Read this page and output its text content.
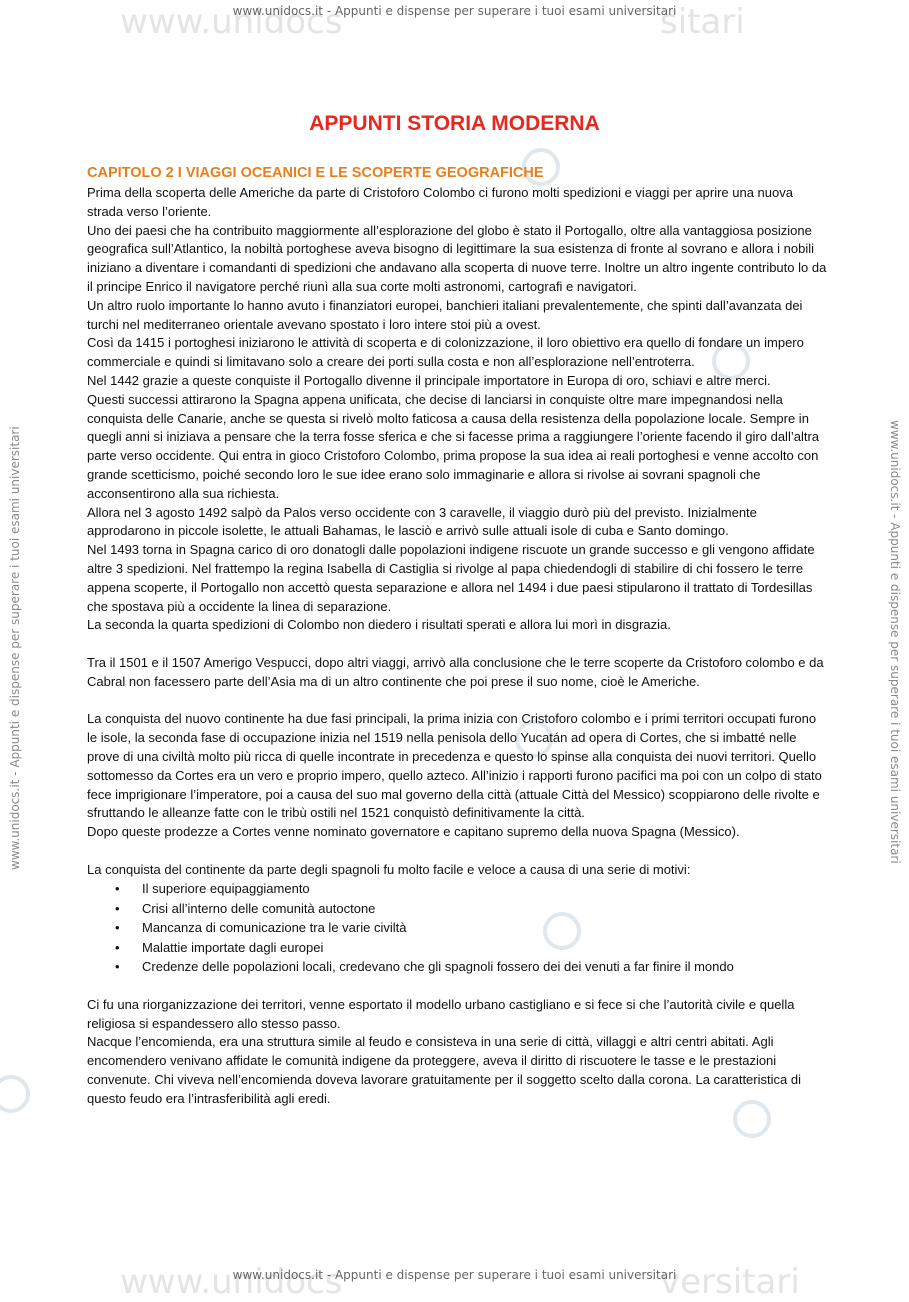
www.unidocs	sitari
www.unidocs	versitari
www.unidocs.it - Appunti e dispense per superare i tuoi esami universitari
www.unidocs.it - Appunti e dispense per superare i tuoi esami universitari
www.unidocs.it - Appunti e dispense per superare i tuoi esami universitari	www.unidocs.it - Appunti e dispense per superare i tuoi esami universitari
APPUNTI STORIA MODERNA
CAPITOLO 2 I VIAGGI OCEANICI E LE SCOPERTE GEOGRAFICHE

Prima della scoperta delle Americhe da parte di Cristoforo Colombo ci furono molti spedizioni e viaggi per aprire una nuova strada verso l’oriente.

Uno dei paesi che ha contribuito maggiormente all’esplorazione del globo è stato il Portogallo, oltre alla vantaggiosa posizione geografica sull’Atlantico, la nobiltà portoghese aveva bisogno di legittimare la sua esistenza di fronte al sovrano e allora i nobili iniziano a diventare i comandanti di spedizioni che andavano alla scoperta di nuove terre. Inoltre un altro ingente contributo lo da il principe Enrico il navigatore perché riunì alla sua corte molti astronomi, cartografi e navigatori.

Un altro ruolo importante lo hanno avuto i finanziatori europei, banchieri italiani prevalentemente, che spinti dall’avanzata dei turchi nel mediterraneo orientale avevano spostato i loro intere stoi più a ovest.

Così da 1415 i portoghesi iniziarono le attività di scoperta e di colonizzazione, il loro obiettivo era quello di fondare un impero commerciale e quindi si limitavano solo a creare dei porti sulla costa e non all’esplorazione nell’entroterra.

Nel 1442 grazie a queste conquiste il Portogallo divenne il principale importatore in Europa di oro, schiavi e altre merci.

Questi successi attirarono la Spagna appena unificata, che decise di lanciarsi in conquiste oltre mare impegnandosi nella conquista delle Canarie, anche se questa si rivelò molto faticosa a causa della resistenza della popolazione locale. Sempre in quegli anni si iniziava a pensare che la terra fosse sferica e che si facesse prima a raggiungere l’oriente facendo il giro dall’altra parte verso occidente. Qui entra in gioco Cristoforo Colombo, prima propose la sua idea ai reali portoghesi e venne accolto con grande scetticismo, poiché secondo loro le sue idee erano solo immaginarie e allora si rivolse ai sovrani spagnoli che acconsentirono alla sua richiesta.

Allora nel 3 agosto 1492 salpò da Palos verso occidente con 3 caravelle, il viaggio durò più del previsto. Inizialmente approdarono in piccole isolette, le attuali Bahamas, le lasciò e arrivò sulle attuali isole di cuba e Santo domingo.

Nel 1493 torna in Spagna carico di oro donatogli dalle popolazioni indigene riscuote un grande successo e gli vengono affidate altre 3 spedizioni. Nel frattempo la regina Isabella di Castiglia si rivolge al papa chiedendogli di stabilire di chi fossero le terre appena scoperte, il Portogallo non accettò questa separazione e allora nel 1494 i due paesi stipularono il trattato di Tordesillas che spostava più a occidente la linea di separazione.

La seconda la quarta spedizioni di Colombo non diedero i risultati sperati e allora lui morì in disgrazia.

Tra il 1501 e il 1507 Amerigo Vespucci, dopo altri viaggi, arrivò alla conclusione che le terre scoperte da Cristoforo colombo e da Cabral non facessero parte dell’Asia ma di un altro continente che poi prese il suo nome, cioè le Americhe.

La conquista del nuovo continente ha due fasi principali, la prima inizia con Cristoforo colombo e i primi territori occupati furono le isole, la seconda fase di occupazione inizia nel 1519 nella penisola dello Yucatán ad opera di Cortes, che si imbatté nelle prove di una civiltà molto più ricca di quelle incontrate in precedenza e questo lo spinse alla conquista dei nuovi territori. Quello sottomesso da Cortes era un vero e proprio impero, quello azteco. All’inizio i rapporti furono pacifici ma poi con un colpo di stato fece imprigionare l’imperatore, poi a causa del suo mal governo della città (attuale Città del Messico) scoppiarono delle rivolte e sfruttando le alleanze fatte con le tribù ostili nel 1521 conquistò definitivamente la città.

Dopo queste prodezze a Cortes venne nominato governatore e capitano supremo della nuova Spagna (Messico).

La conquista del continente da parte degli spagnoli fu molto facile e veloce a causa di una serie di motivi:

• Il superiore equipaggiamento
• Crisi all’interno delle comunità autoctone
• Mancanza di comunicazione tra le varie civiltà
• Malattie importate dagli europei
• Credenze delle popolazioni locali, credevano che gli spagnoli fossero dei dei venuti a far finire il mondo

Ci fu una riorganizzazione dei territori, venne esportato il modello urbano castigliano e si fece si che l’autorità civile e quella religiosa si espandessero allo stesso passo.

Nacque l’encomienda, era una struttura simile al feudo e consisteva in una serie di città, villaggi e altri centri abitati. Agli encomendero venivano affidate le comunità indigene da proteggere, aveva il diritto di riscuotere le tasse e le prestazioni convenute. Chi viveva nell’encomienda doveva lavorare gratuitamente per il soggetto scelto dalla corona. La caratteristica di questo feudo era l’intrasferibilità agli eredi.
